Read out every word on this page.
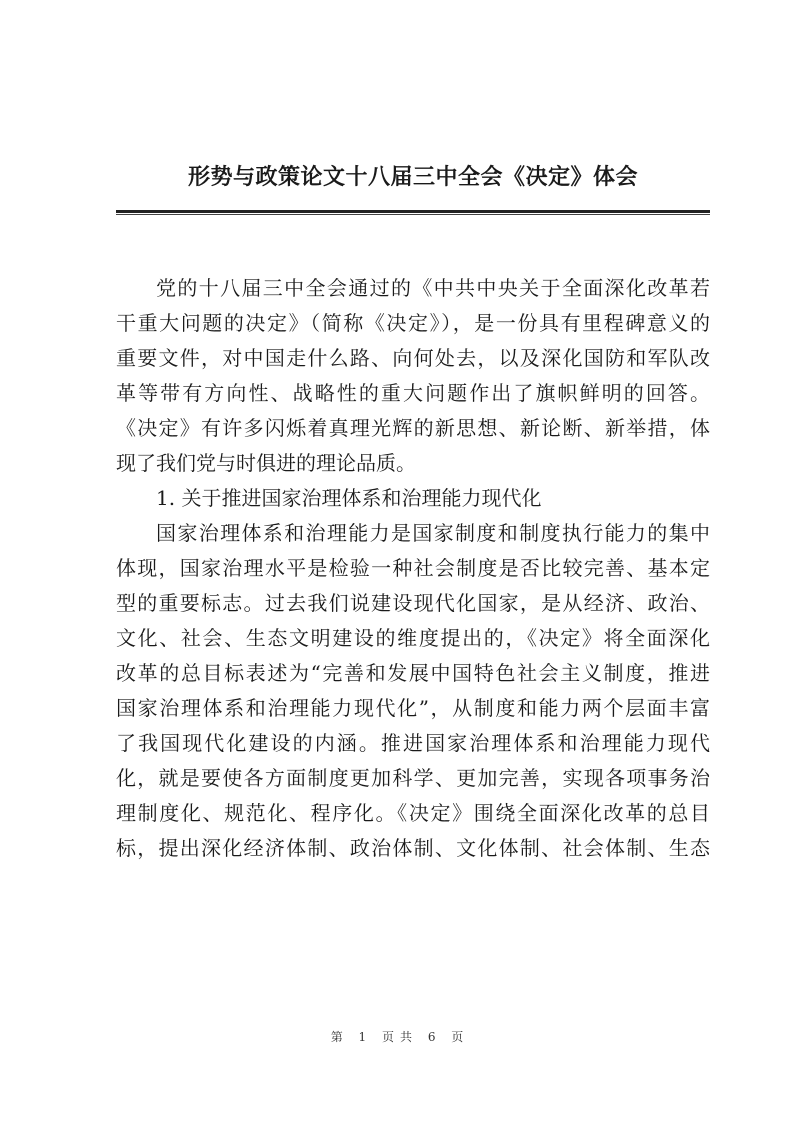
形势与政策论文十八届三中全会《决定》体会
党的十八届三中全会通过的《中共中央关于全面深化改革若
干重大问题的决定》（简称《决定》），是一份具有里程碑意义的
重要文件，对中国走什么路、向何处去，以及深化国防和军队改
革等带有方向性、战略性的重大问题作出了旗帜鲜明的回答。
《决定》有许多闪烁着真理光辉的新思想、新论断、新举措，体
现了我们党与时俱进的理论品质。
1. 关于推进国家治理体系和治理能力现代化
国家治理体系和治理能力是国家制度和制度执行能力的集中
体现，国家治理水平是检验一种社会制度是否比较完善、基本定
型的重要标志。过去我们说建设现代化国家，是从经济、政治、
文化、社会、生态文明建设的维度提出的，《决定》将全面深化
改革的总目标表述为“完善和发展中国特色社会主义制度，推进
国家治理体系和治理能力现代化”，从制度和能力两个层面丰富
了我国现代化建设的内涵。推进国家治理体系和治理能力现代
化，就是要使各方面制度更加科学、更加完善，实现各项事务治
理制度化、规范化、程序化。《决定》围绕全面深化改革的总目
标，提出深化经济体制、政治体制、文化体制、社会体制、生态
第 1 页共 6 页
